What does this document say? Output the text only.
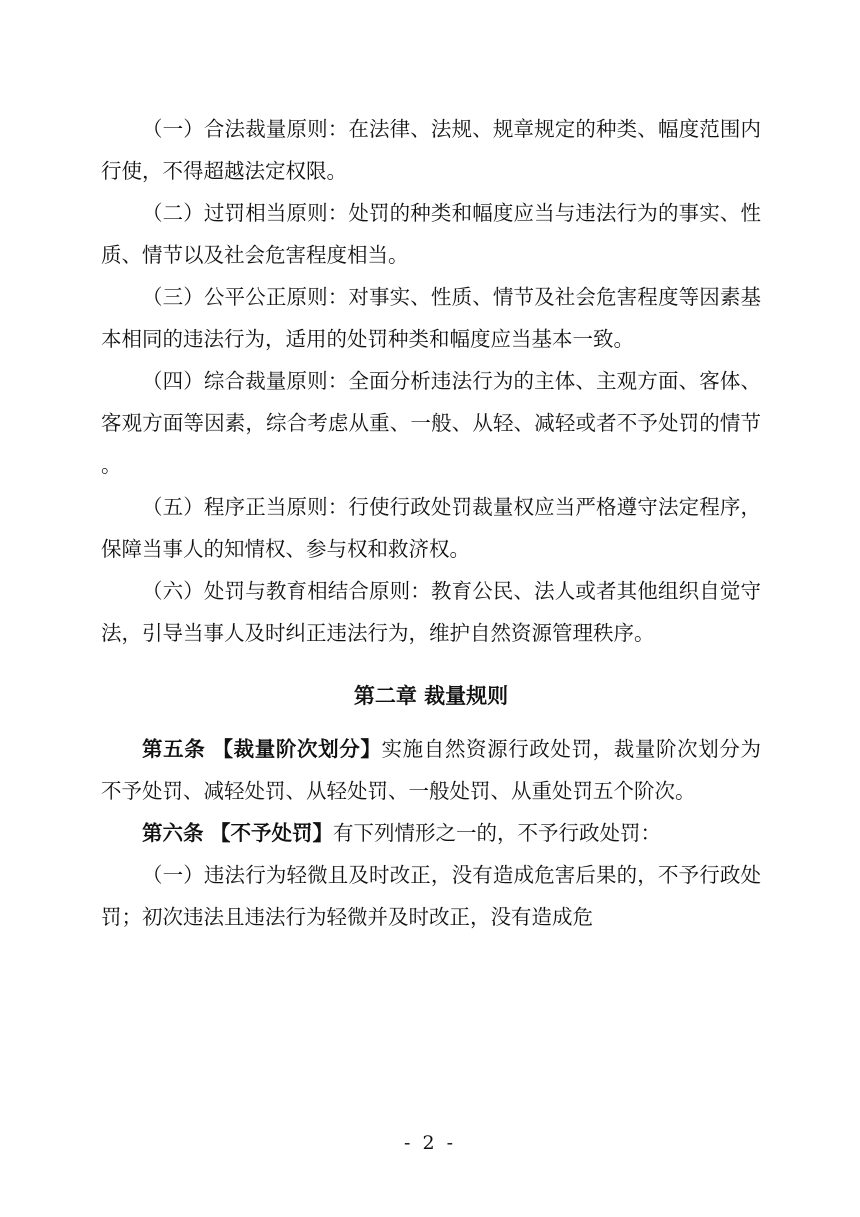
（一）合法裁量原则：在法律、法规、规章规定的种类、幅度范围内行使，不得超越法定权限。

（二）过罚相当原则：处罚的种类和幅度应当与违法行为的事实、性质、情节以及社会危害程度相当。

（三）公平公正原则：对事实、性质、情节及社会危害程度等因素基本相同的违法行为，适用的处罚种类和幅度应当基本一致。

（四）综合裁量原则：全面分析违法行为的主体、主观方面、客体、客观方面等因素，综合考虑从重、一般、从轻、减轻或者不予处罚的情节。

（五）程序正当原则：行使行政处罚裁量权应当严格遵守法定程序，保障当事人的知情权、参与权和救济权。

（六）处罚与教育相结合原则：教育公民、法人或者其他组织自觉守法，引导当事人及时纠正违法行为，维护自然资源管理秩序。

第二章 裁量规则

第五条 【裁量阶次划分】实施自然资源行政处罚，裁量阶次划分为不予处罚、减轻处罚、从轻处罚、一般处罚、从重处罚五个阶次。

第六条 【不予处罚】有下列情形之一的，不予行政处罚：

（一）违法行为轻微且及时改正，没有造成危害后果的，不予行政处罚；初次违法且违法行为轻微并及时改正，没有造成危

- 2 -
